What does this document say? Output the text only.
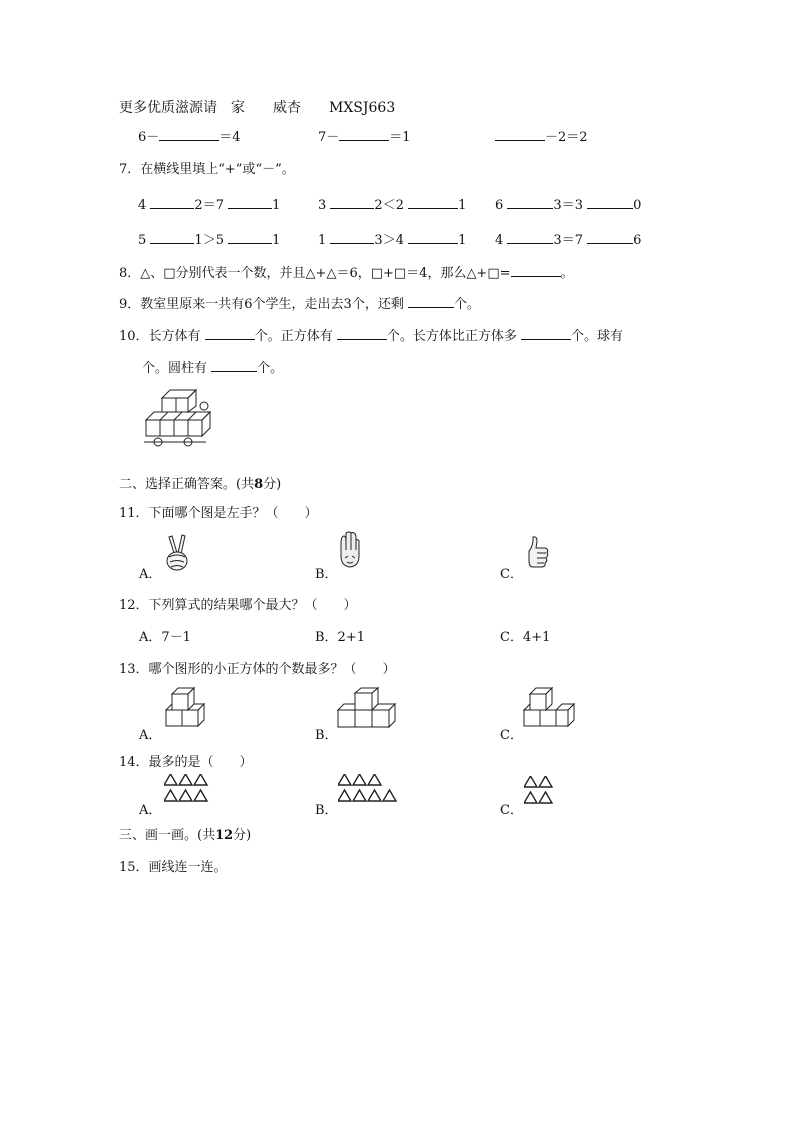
更多优质滋源请　家　　威杏　　MXSJ663
6－	＝4	7－	＝1	－2＝2
7．在横线里填上“+”或“－”。
4	2＝7	1	3	2＜2	1 6	3＝3	0
5	1＞5	1	1	3＞4	1 4	3＝7	6
8．△、□分别代表一个数，并且△+△＝6，□+□＝4，那么△+□=	。
9．教室里原来一共有6个学生，走出去3个，还剩	个。
10．长方体有	个。正方体有	个。长方体比正方体多	个。球有
个。圆柱有	个。
二、选择正确答案。(共8分)
11．下面哪个图是左手？（　　）
A．	B．	C．
12．下列算式的结果哪个最大？（　　）
A．7－1	B．2+1	C．4+1
13．哪个图形的小正方体的个数最多？（　　）
A．	B．	C．
14．最多的是（　　）
A．	B．	C．
三、画一画。(共12分)
15．画线连一连。
